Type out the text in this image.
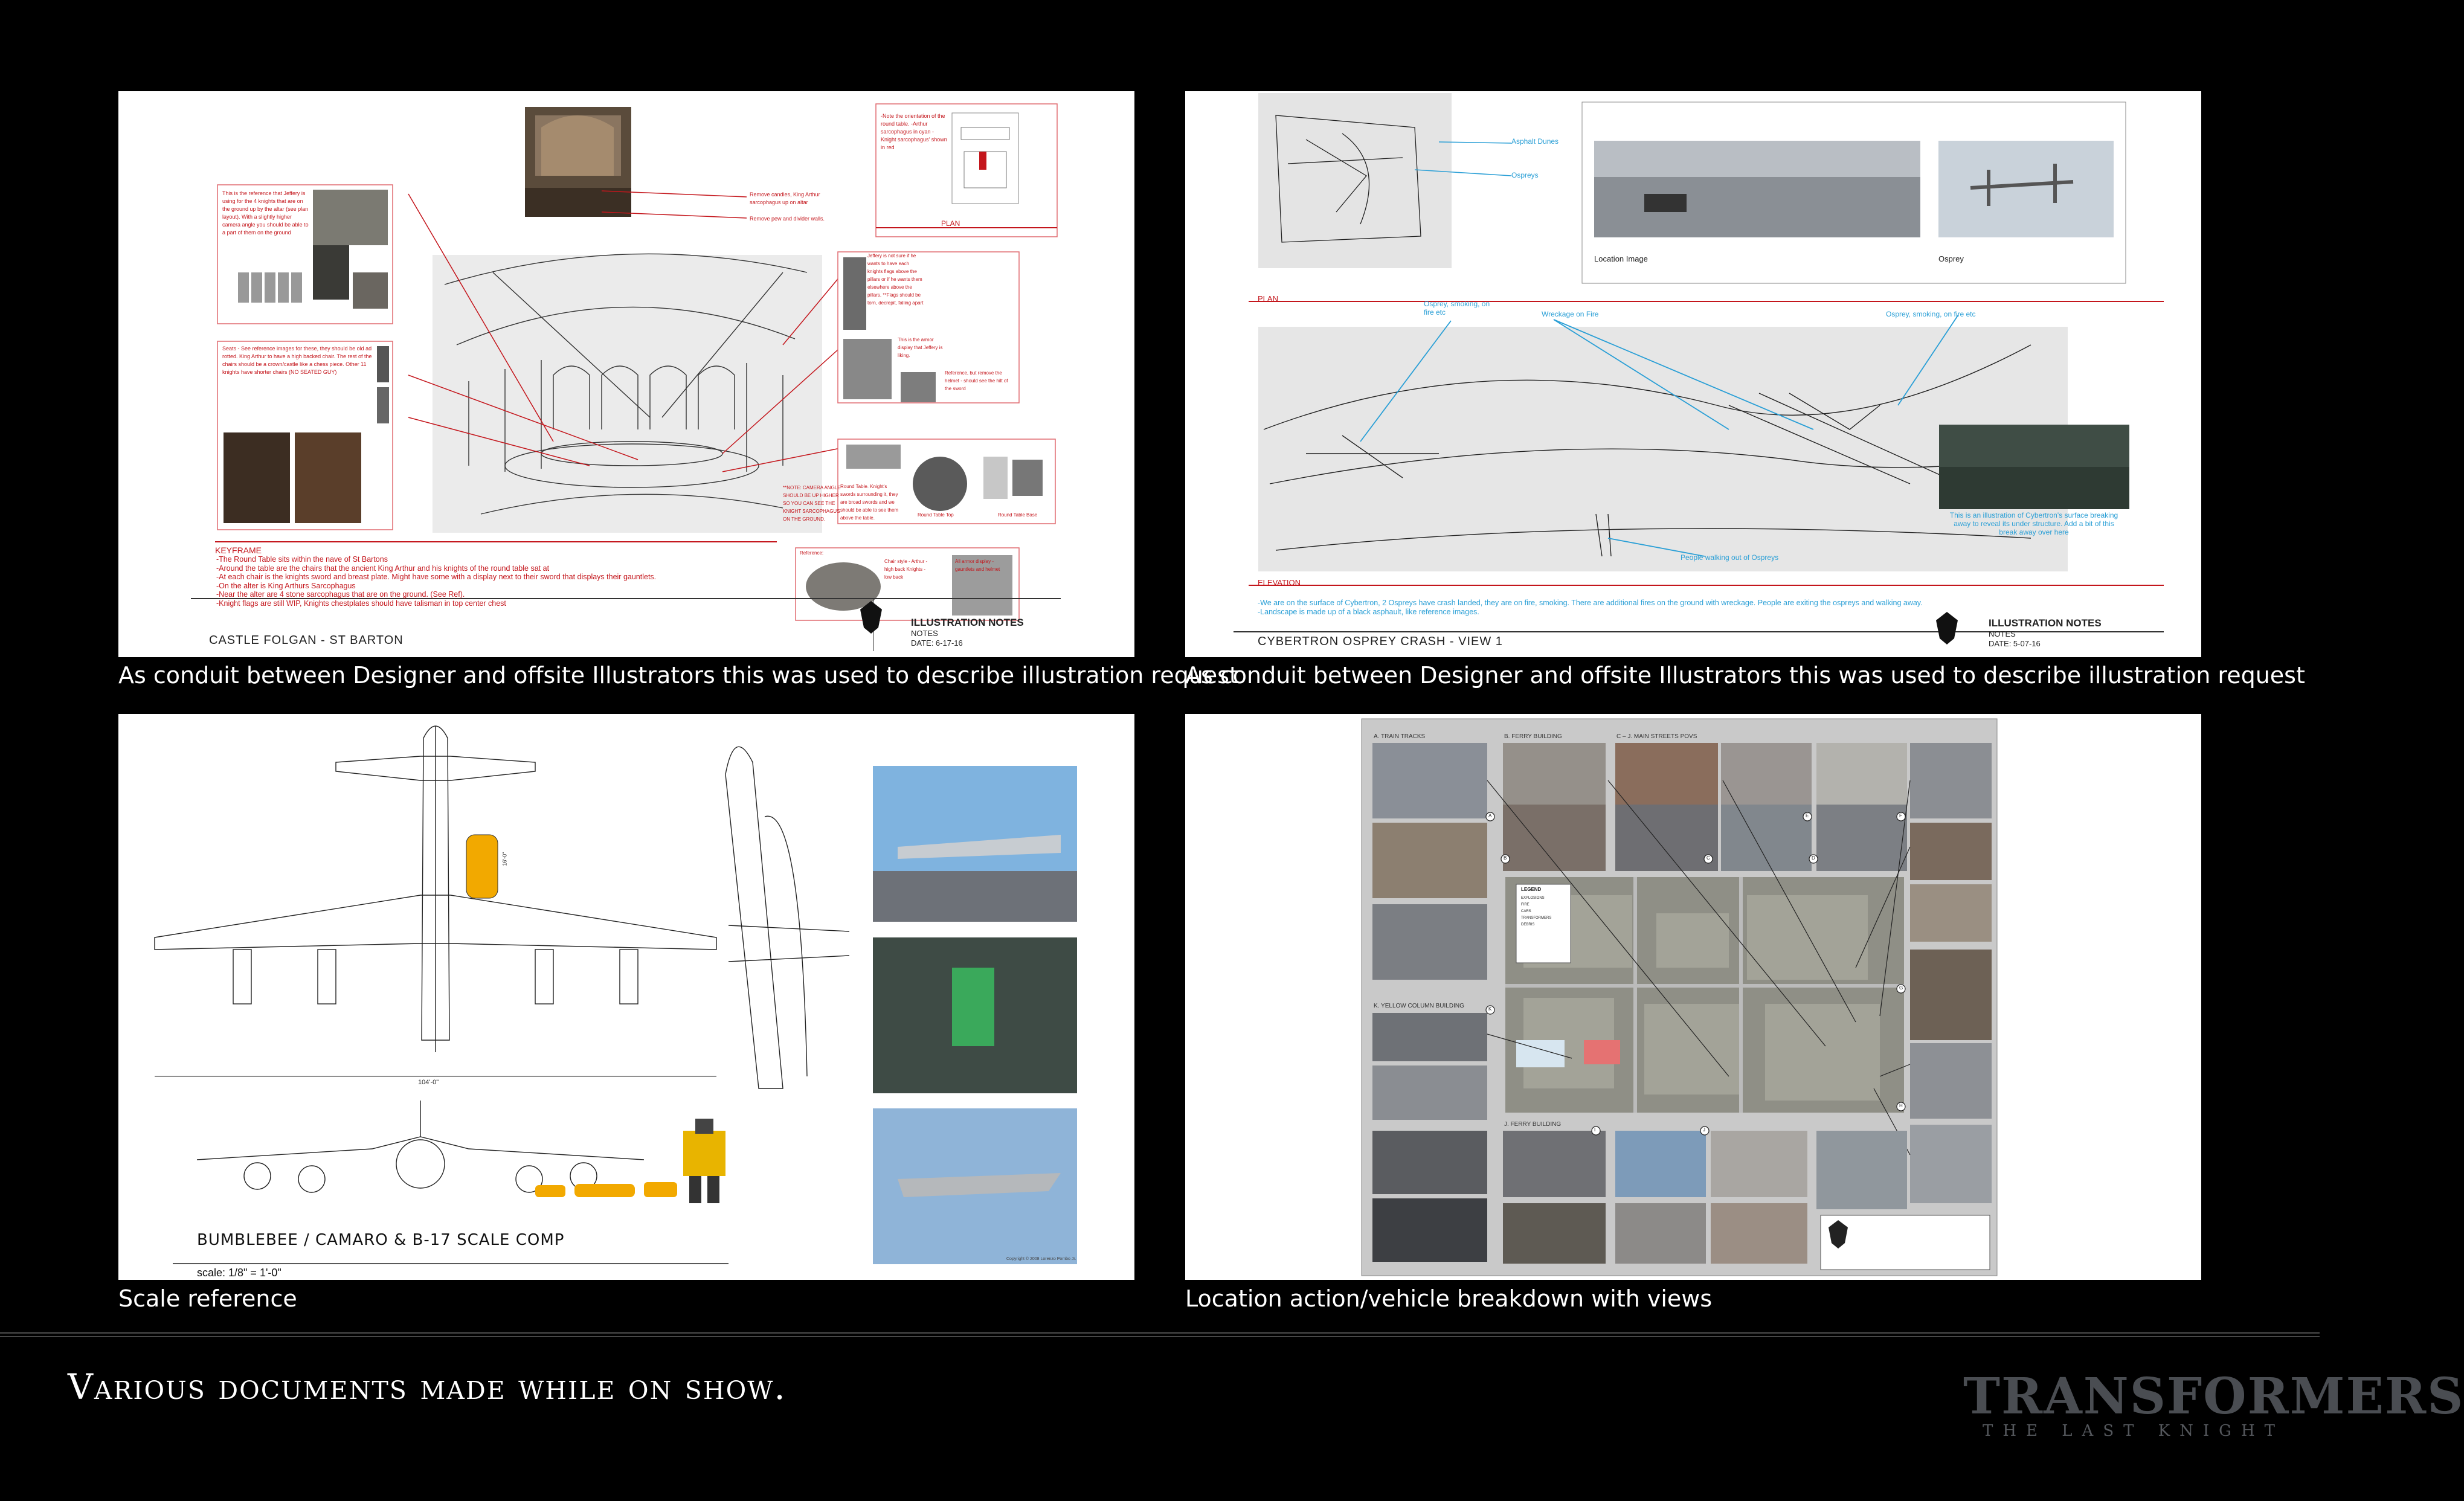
This is the reference that Jeffery is using for the 4 knights that are on the ground up by the altar (see plan layout). With a slightly higher camera angle you should be able to a part of them on the ground
Remove candles, King Arthur sarcophagus up on altar
Remove pew and divider walls.
-Note the orientation of the round table. -Arthur sarcophagus in cyan -Knight sarcophagus' shown in red
PLAN
Jeffery is not sure if he wants to have each knights flags above the pillars or if he wants them elsewhere above the pillars. **Flags should be torn, decrepit, falling apart
Seats - See reference images for these, they should be old ad rotted. King Arthur to have a high backed chair. The rest of the chairs should be a crown/castle like a chess piece. Other 11 knights have shorter chairs (NO SEATED GUY)
This is the armor display that Jeffery is liking.
Reference, but remove the helmet - should see the hilt of the sword
**NOTE: CAMERA ANGLE SHOULD BE UP HIGHER SO YOU CAN SEE THE KNIGHT SARCOPHAGUS ON THE GROUND.
Round Table. Knight's swords surrounding it, they are broad swords and we should be able to see them above the table.
Round Table Top	Round Table Base
Reference:
Chair style - Arthur - high back Knights - low back
All armor display - gauntlets and helmet
KEYFRAME
-The Round Table sits within the nave of St Bartons
-Around the table are the chairs that the ancient King Arthur and his knights of the round table sat at
-At each chair is the knights sword and breast plate. Might have some with a display next to their sword that displays their gauntlets.
-On the alter is King Arthurs Sarcophagus
-Near the alter are 4 stone sarcophagus that are on the ground. (See Ref).
-Knight flags are still WIP, Knights chestplates should have talisman in top center chest
CASTLE FOLGAN - ST BARTON
ILLUSTRATION NOTES
NOTES
DATE: 6-17-16
As conduit between Designer and offsite Illustrators this was used to describe illustration request
Asphalt Dunes
Ospreys
Location Image	Osprey
PLAN
Osprey, smoking, on fire etc	Wreckage on Fire	Osprey, smoking, on fire etc
This is an illustration of Cybertron's surface breaking away to reveal its under structure. Add a bit of this break away over here
People walking out of Ospreys
ELEVATION
-We are on the surface of Cybertron, 2 Ospreys have crash landed, they are on fire, smoking. There are additional fires on the ground with wreckage. People are exiting the ospreys and walking away.
-Landscape is made up of a black asphault, like reference images.
CYBERTRON OSPREY CRASH - VIEW 1
ILLUSTRATION NOTES
NOTES
DATE: 5-07-16
As conduit between Designer and offsite Illustrators this was used to describe illustration request
104'-0"
16'-0"
BUMBLEBEE / CAMARO & B-17 SCALE COMP
scale: 1/8" = 1'-0"
Copyright © 2008 Lorenzo Pombo Jr.
Scale reference
A. TRAIN TRACKS	B. FERRY BUILDING	C – J. MAIN STREETS POVS
K. YELLOW COLUMN BUILDING
J. FERRY BUILDING
LEGEND
EXPLOSIONS
FIRE
CARS
TRANSFORMERS
DEBRIS
A
B	C	D
E	F
G
H
I	J
K
Location action/vehicle breakdown with views
Various documents made while on show.	TRANSFORMERS
THE LAST KNIGHT
